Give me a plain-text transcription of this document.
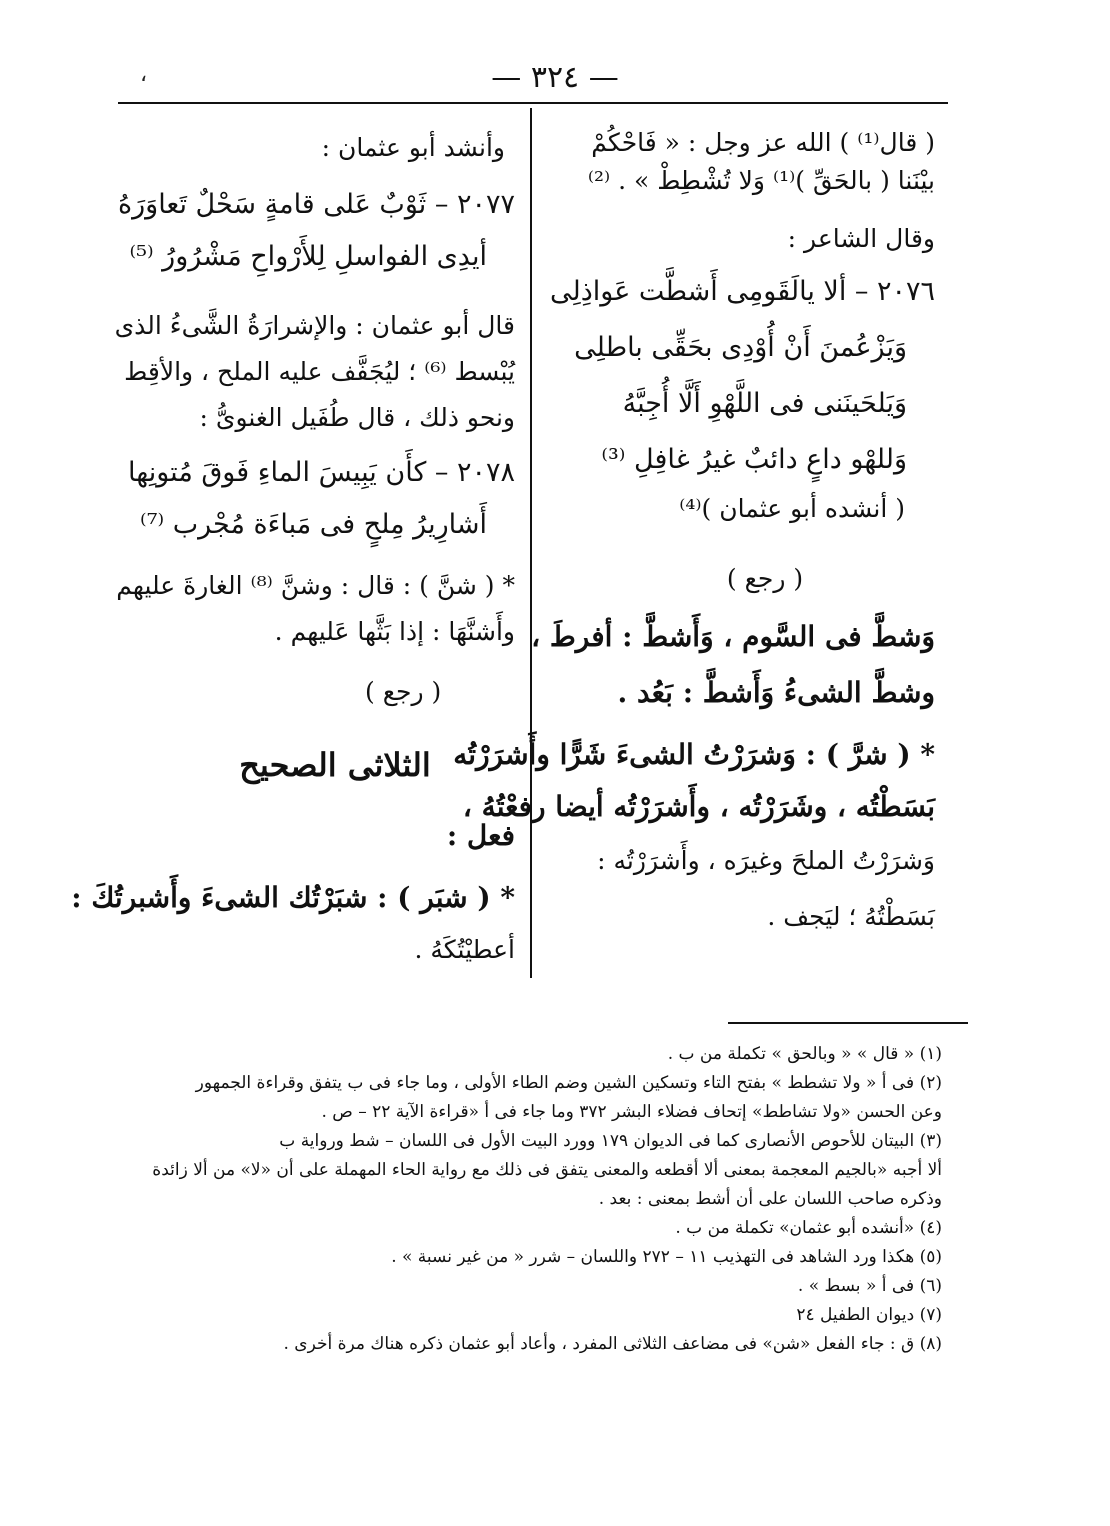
— ٣٢٤ —
،
( قال⁽¹⁾ ) الله عز وجل : « فَاحْكُمْ
بيْنَنا ( بالحَقِّ )⁽¹⁾ وَلا تُشْطِطْ » . ⁽²⁾
وقال الشاعر :
٢٠٧٦ – ألا يالَقَومِى أَشطَّت عَواذِلِى
وَيَزْعُمنَ أَنْ أُوْدِى بحَقِّى باطلِى
وَيَلحَينَنى فى اللَّهْوِ أَلَّا أُجِبَّهُ
وَللهْو داعٍ دائبٌ غيرُ غافِلِ ⁽³⁾
( أنشده أبو عثمان )⁽⁴⁾
( رجع )
وَشطَّ فى السَّوم ، وَأَشطَّ : أفرطَ ،
وشطَّ الشىءُ وَأَشطَّ : بَعُد .
* ( شرَّ ) : وَشرَرْتُ الشىءَ شَرًّا وأَشرَرْتُه
بَسَطْتُه ، وشَرَرْتُه ، وأَشرَرْتُه أيضا رفعْتُهُ ،
وَشرَرْتُ الملحَ وغيرَه ، وأَشرَرْتُه :
بَسَطْتُهُ ؛ ليَجف .
وأنشد أبو عثمان :
٢٠٧٧ – ثَوْبٌ عَلى قامةٍ سَحْلٌ تَعاوَرَهُ
أيدِى الفواسلِ لِلأَرْواحِ مَشْرُورُ ⁽⁵⁾
قال أبو عثمان : والإشرارَةُ الشَّىءُ الذى
يُبْسط ⁽⁶⁾ ؛ ليُجَفَّف عليه الملح ، والأقِط
ونحو ذلك ، قال طُفَيل الغنوىُّ :
٢٠٧٨ – كأَن يَبِيسَ الماءِ فَوقَ مُتونِها
أَشارِيرُ مِلحٍ فى مَباءَة مُجْرب ⁽⁷⁾
* ( شنَّ ) : قال : وشنَّ ⁽⁸⁾ الغارةَ عليهم
وأَشنَّهَا : إذا بَثَّها عَليهم .
( رجع )
الثلاثى الصحيح
فعل :
* ( شبَر ) : شبَرْتُك الشىءَ وأَشبرتُكَ :
أعطيْتُكَهُ .
(١) « قال » « وبالحق » تكملة من ب .
(٢) فى أ « ولا تشطط » بفتح التاء وتسكين الشين وضم الطاء الأولى ، وما جاء فى ب يتفق وقراءة الجمهور
وعن الحسن «ولا تشاطط» إتحاف فضلاء البشر ٣٧٢ وما جاء فى أ «قراءة الآية ٢٢ – ص .
(٣) البيتان للأحوص الأنصارى كما فى الديوان ١٧٩ وورد البيت الأول فى اللسان – شط ورواية ب
ألا أجبه «بالجيم المعجمة بمعنى ألا أقطعه والمعنى يتفق فى ذلك مع رواية الحاء المهملة على أن «لا» من ألا زائدة
وذكره صاحب اللسان على أن أشط بمعنى : بعد .
(٤) «أنشده أبو عثمان» تكملة من ب .
(٥) هكذا ورد الشاهد فى التهذيب ١١ – ٢٧٢ واللسان – شرر « من غير نسبة » .
(٦) فى أ « بسط » .
(٧) ديوان الطفيل ٢٤
(٨) ق : جاء الفعل «شن» فى مضاعف الثلاثى المفرد ، وأعاد أبو عثمان ذكره هناك مرة أخرى .
